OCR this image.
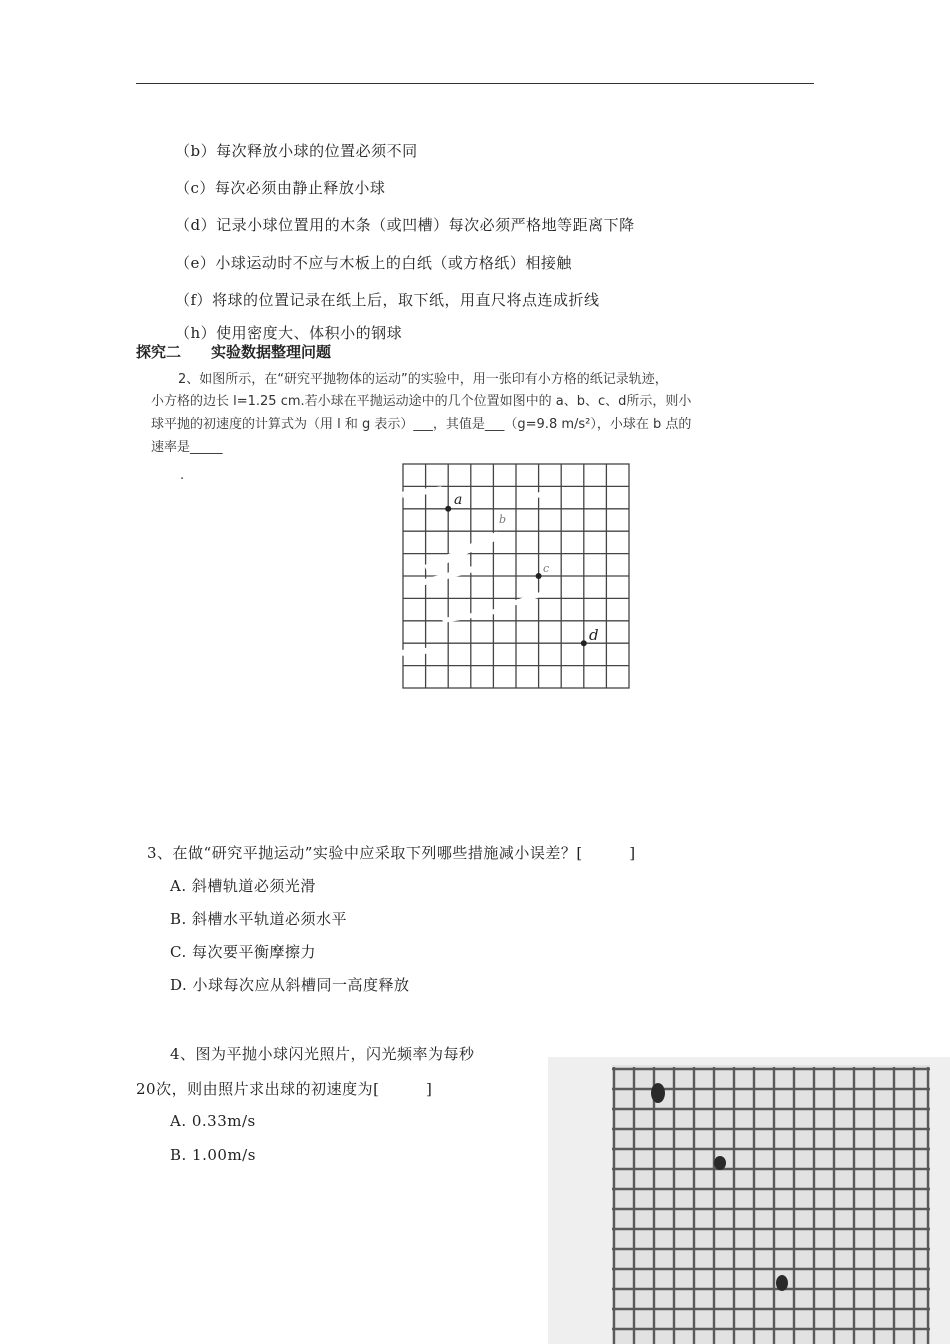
（b）每次释放小球的位置必须不同
（c）每次必须由静止释放小球
（d）记录小球位置用的木条（或凹槽）每次必须严格地等距离下降
（e）小球运动时不应与木板上的白纸（或方格纸）相接触
（f）将球的位置记录在纸上后，取下纸，用直尺将点连成折线
（h）使用密度大、体积小的钢球
探究二 实验数据整理问题
2、如图所示，在“研究平抛物体的运动”的实验中，用一张印有小方格的纸记录轨迹，
小方格的边长 l=1.25 cm.若小球在平抛运动途中的几个位置如图中的 a、b、c、d所示，则小
球平抛的初速度的计算式为（用 l 和 g 表示）___，其值是___（g=9.8 m/s²），小球在 b 点的
速率是_____
.
a
b
c
d
3、在做“研究平抛运动”实验中应采取下列哪些措施减小误差？[　　　]
A. 斜槽轨道必须光滑
B. 斜槽水平轨道必须水平
C. 每次要平衡摩擦力
D. 小球每次应从斜槽同一高度释放
4、图为平抛小球闪光照片，闪光频率为每秒
20次，则由照片求出球的初速度为[　　　]
A. 0.33m/s
B. 1.00m/s
